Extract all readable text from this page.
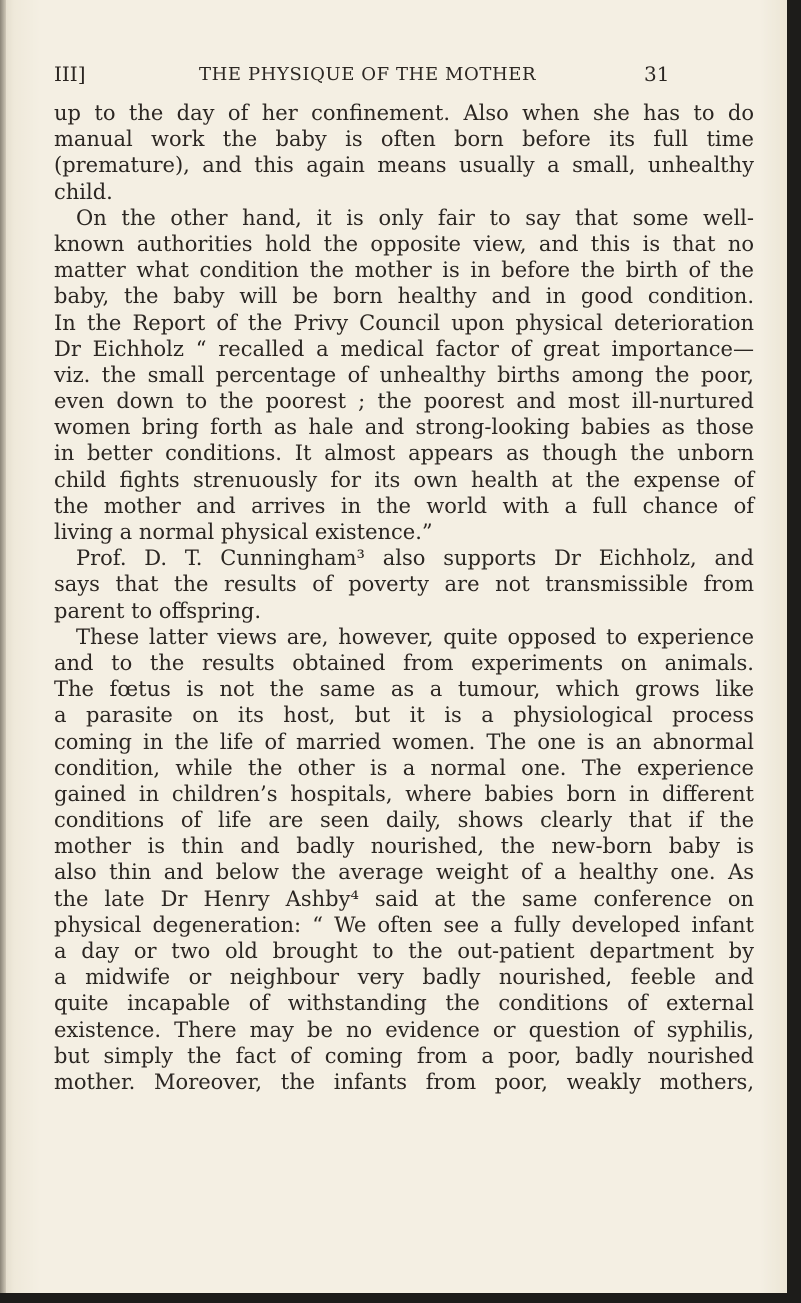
III]	THE PHYSIQUE OF THE MOTHER	31
up to the day of her confinement. Also when she has to do
manual work the baby is often born before its full time
(premature), and this again means usually a small, unhealthy
child.
On the other hand, it is only fair to say that some well-
known authorities hold the opposite view, and this is that no
matter what condition the mother is in before the birth of the
baby, the baby will be born healthy and in good condition.
In the Report of the Privy Council upon physical deterioration
Dr Eichholz “ recalled a medical factor of great importance—
viz. the small percentage of unhealthy births among the poor,
even down to the poorest ; the poorest and most ill-nurtured
women bring forth as hale and strong-looking babies as those
in better conditions. It almost appears as though the unborn
child fights strenuously for its own health at the expense of
the mother and arrives in the world with a full chance of
living a normal physical existence.”
Prof. D. T. Cunningham³ also supports Dr Eichholz, and
says that the results of poverty are not transmissible from
parent to offspring.
These latter views are, however, quite opposed to experience
and to the results obtained from experiments on animals.
The fœtus is not the same as a tumour, which grows like
a parasite on its host, but it is a physiological process
coming in the life of married women. The one is an abnormal
condition, while the other is a normal one. The experience
gained in children’s hospitals, where babies born in different
conditions of life are seen daily, shows clearly that if the
mother is thin and badly nourished, the new-born baby is
also thin and below the average weight of a healthy one. As
the late Dr Henry Ashby⁴ said at the same conference on
physical degeneration: “ We often see a fully developed infant
a day or two old brought to the out-patient department by
a midwife or neighbour very badly nourished, feeble and
quite incapable of withstanding the conditions of external
existence. There may be no evidence or question of syphilis,
but simply the fact of coming from a poor, badly nourished
mother. Moreover, the infants from poor, weakly mothers,
